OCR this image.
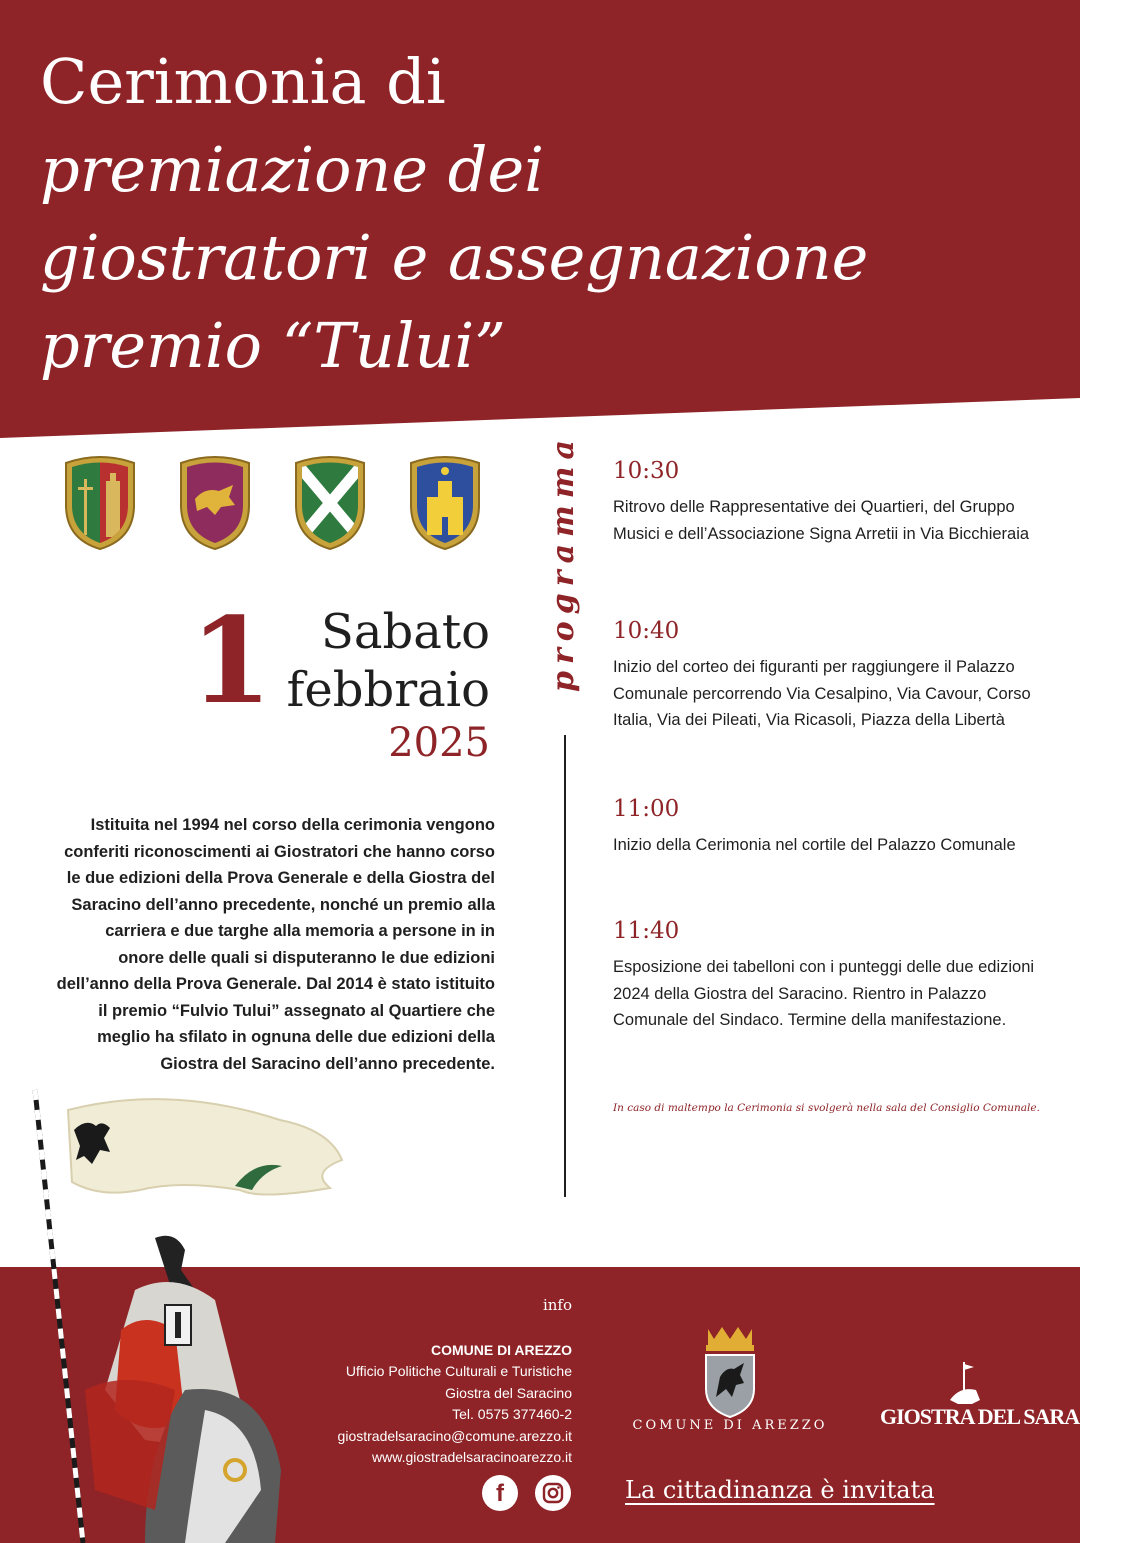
Cerimonia di
premiazione dei
giostratori e assegnazione
premio “Tului”
1 Sabato
febbraio
2025

Istituita nel 1994 nel corso della cerimonia vengono conferiti riconoscimenti ai Giostratori che hanno corso le due edizioni della Prova Generale e della Giostra del Saracino dell’anno precedente, nonché un premio alla carriera e due targhe alla memoria a persone in in onore delle quali si disputeranno le due edizioni dell’anno della Prova Generale. Dal 2014 è stato istituito il premio “Fulvio Tului” assegnato al Quartiere che meglio ha sfilato in ognuna delle due edizioni della Giostra del Saracino dell’anno precedente.

programma 10:30
Ritrovo delle Rappresentative dei Quartieri, del Gruppo Musici e dell’Associazione Signa Arretii in Via Bicchieraia
10:40
Inizio del corteo dei figuranti per raggiungere il Palazzo Comunale percorrendo Via Cesalpino, Via Cavour, Corso Italia, Via dei Pileati, Via Ricasoli, Piazza della Libertà
11:00
Inizio della Cerimonia nel cortile del Palazzo Comunale
11:40
Esposizione dei tabelloni con i punteggi delle due edizioni 2024 della Giostra del Saracino. Rientro in Palazzo Comunale del Sindaco. Termine della manifestazione.
In caso di maltempo la Cerimonia si svolgerà nella sala del Consiglio Comunale.
info
COMUNE DI AREZZO
Ufficio Politiche Culturali e Turistiche
Giostra del Saracino
Tel. 0575 377460-2
giostradelsaracino@comune.arezzo.it
www.giostradelsaracinoarezzo.it
f
COMUNE DI AREZZO	GIOSTRA DEL SARACINO
La cittadinanza è invitata
